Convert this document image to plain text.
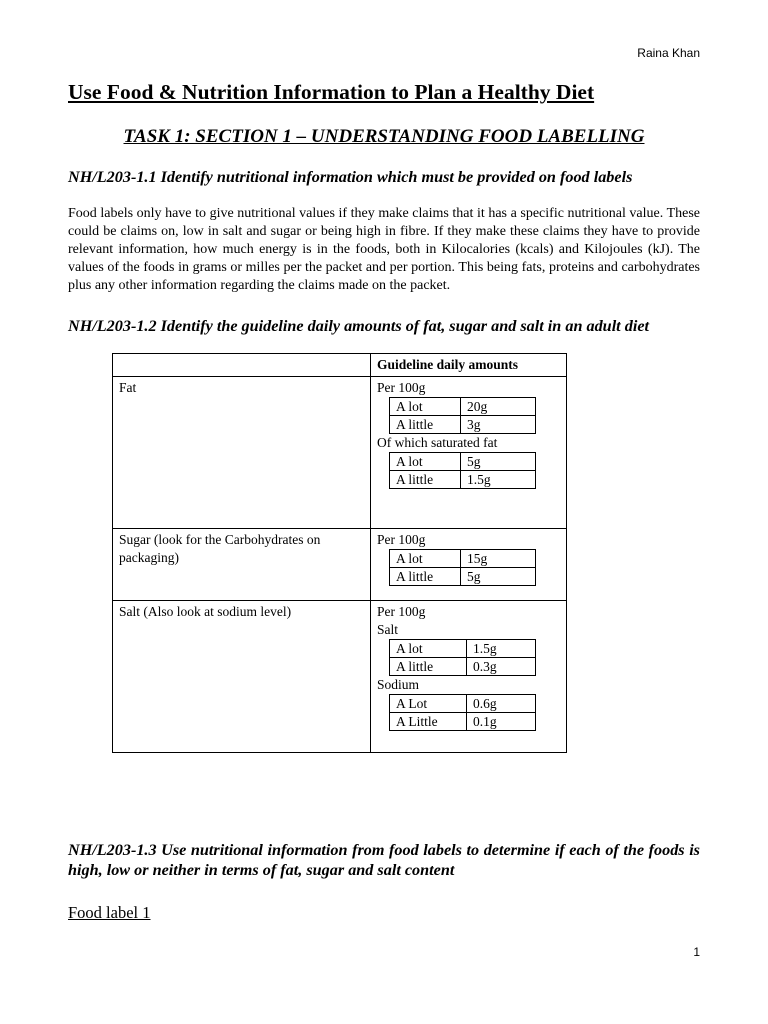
Raina Khan
Use Food & Nutrition Information to Plan a Healthy Diet
TASK 1: SECTION 1 – UNDERSTANDING FOOD LABELLING
NH/L203-1.1 Identify nutritional information which must be provided on food labels
Food labels only have to give nutritional values if they make claims that it has a specific nutritional value. These could be claims on, low in salt and sugar or being high in fibre. If they make these claims they have to provide relevant information, how much energy is in the foods, both in Kilocalories (kcals) and Kilojoules (kJ). The values of the foods in grams or milles per the packet and per portion. This being fats, proteins and carbohydrates plus any other information regarding the claims made on the packet.
NH/L203-1.2 Identify the guideline daily amounts of fat, sugar and salt in an adult diet
	Guideline daily amounts
Fat	Per 100g
A lot	20g
A little	3g
Of which saturated fat
A lot	5g
A little	1.5g

Sugar (look for the Carbohydrates on packaging)	
Per 100g
A lot	15g
A little	5g

Salt (Also look at sodium level)	Per 100g
Salt
A lot	1.5g
A little	0.3g
Sodium
A Lot	0.6g
A Little	0.1g
NH/L203-1.3 Use nutritional information from food labels to determine if each of the foods is high, low or neither in terms of fat, sugar and salt content
Food label 1
1
